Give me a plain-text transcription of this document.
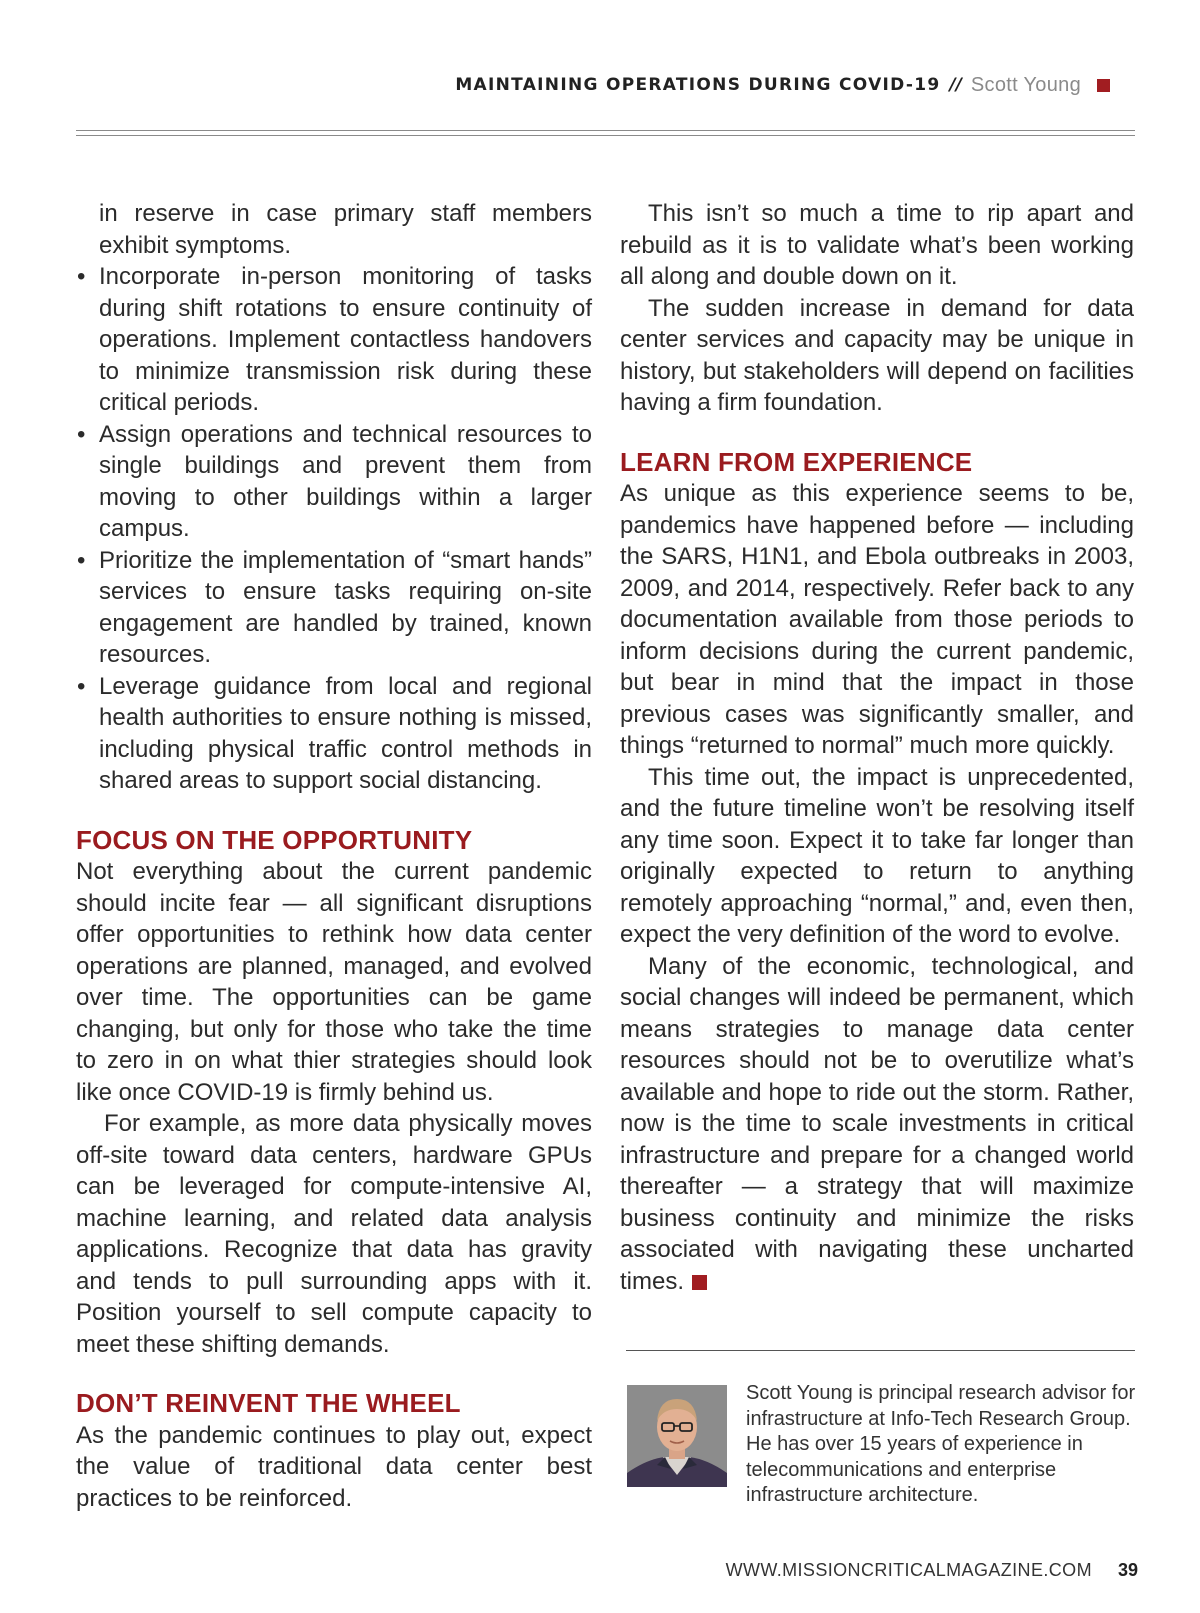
MAINTAINING OPERATIONS DURING COVID-19 // Scott Young

in reserve in case primary staff members exhibit symptoms.

• Incorporate in-person monitoring of tasks during shift rotations to ensure continuity of operations. Implement contactless handovers to minimize transmission risk during these critical periods.
• Assign operations and technical resources to single buildings and prevent them from moving to other buildings within a larger campus.
• Prioritize the implementation of “smart hands” services to ensure tasks requiring on-site engagement are handled by trained, known resources.
• Leverage guidance from local and regional health authorities to ensure nothing is missed, including physical traffic control methods in shared areas to support social distancing.
FOCUS ON THE OPPORTUNITY

Not everything about the current pandemic should incite fear — all significant disruptions offer opportunities to rethink how data center operations are planned, managed, and evolved over time. The opportunities can be game changing, but only for those who take the time to zero in on what thier strategies should look like once COVID-19 is firmly behind us.

For example, as more data physically moves off-site toward data centers, hardware GPUs can be leveraged for compute-intensive AI, machine learning, and related data analysis applications. Recognize that data has gravity and tends to pull surrounding apps with it. Position yourself to sell compute capacity to meet these shifting demands.

DON’T REINVENT THE WHEEL

As the pandemic continues to play out, expect the value of traditional data center best practices to be reinforced.

This isn’t so much a time to rip apart and rebuild as it is to validate what’s been working all along and double down on it.

The sudden increase in demand for data center services and capacity may be unique in history, but stakeholders will depend on facilities having a firm foundation.

LEARN FROM EXPERIENCE

As unique as this experience seems to be, pandemics have happened before — including the SARS, H1N1, and Ebola outbreaks in 2003, 2009, and 2014, respectively. Refer back to any documentation available from those periods to inform decisions during the current pandemic, but bear in mind that the impact in those previous cases was significantly smaller, and things “returned to normal” much more quickly.

This time out, the impact is unprecedented, and the future timeline won’t be resolving itself any time soon. Expect it to take far longer than originally expected to return to anything remotely approaching “normal,” and, even then, expect the very definition of the word to evolve.

Many of the economic, technological, and social changes will indeed be permanent, which means strategies to manage data center resources should not be to overutilize what’s available and hope to ride out the storm. Rather, now is the time to scale investments in critical infrastructure and prepare for a changed world thereafter — a strategy that will maximize business continuity and minimize the risks associated with navigating these uncharted times.

Scott Young is principal research advisor for infrastructure at Info-Tech Research Group. He has over 15 years of experience in telecommunications and enterprise infrastructure architecture.
WWW.MISSIONCRITICALMAGAZINE.COM 39
